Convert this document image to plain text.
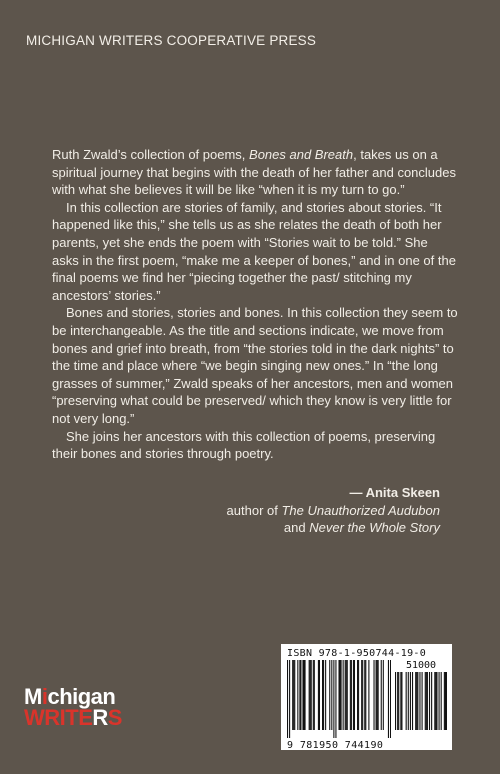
MICHIGAN WRITERS COOPERATIVE PRESS

Ruth Zwald’s collection of poems, Bones and Breath, takes us on a spiritual journey that begins with the death of her father and concludes with what she believes it will be like “when it is my turn to go.”

In this collection are stories of family, and stories about stories. “It happened like this,” she tells us as she relates the death of both her parents, yet she ends the poem with “Stories wait to be told.” She asks in the first poem, “make me a keeper of bones,” and in one of the final poems we find her “piecing together the past/ stitching my ancestors’ stories.”

Bones and stories, stories and bones. In this collection they seem to be interchangeable. As the title and sections indicate, we move from bones and grief into breath, from “the stories told in the dark nights” to the time and place where “we begin singing new ones.” In “the long grasses of summer,” Zwald speaks of her ancestors, men and women “preserving what could be preserved/ which they know is very little for not very long.”

She joins her ancestors with this collection of poems, preserving their bones and stories through poetry.

— Anita Skeen
author of The Unauthorized Audubon
and Never the Whole Story
Michigan
WRITERS
ISBN 978-1-950744-19-0
51000
9 781950 744190
